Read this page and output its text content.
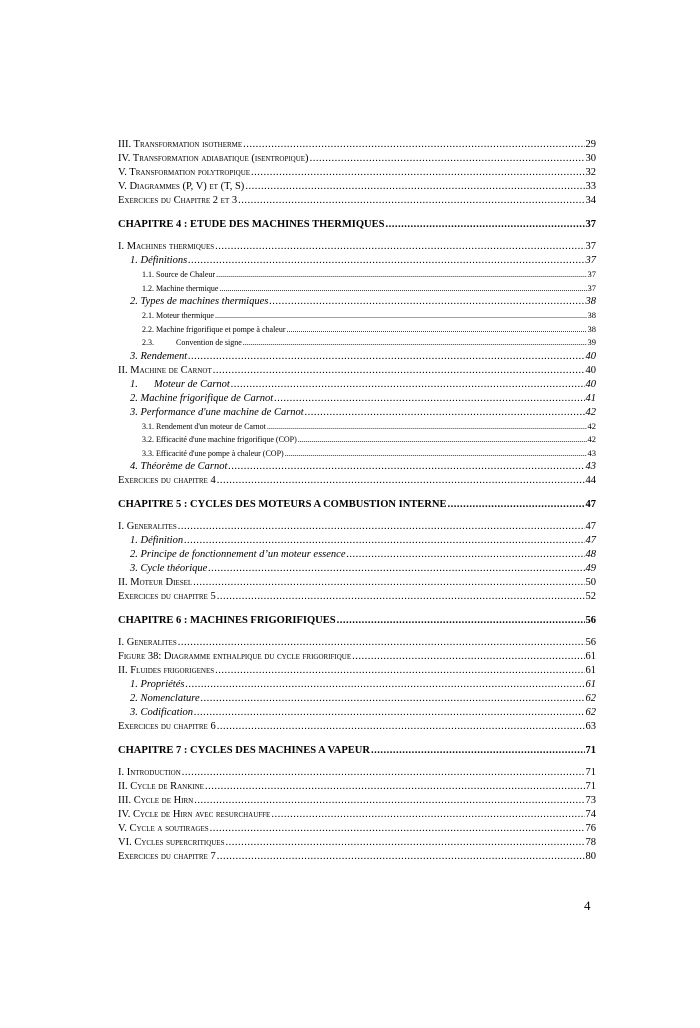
III. Transformation isotherme .....	29
IV. Transformation adiabatique (isentropique) .....	30
V. Transformation polytropique .....	32
V. Diagrammes (P, V) et (T, S) .....	33
Exercices du Chapitre 2 et 3 .....	34
CHAPITRE 4 : ETUDE DES MACHINES THERMIQUES .....	37
I. Machines thermiques .....	37
1. Définitions .....	37
1.1. Source de Chaleur .....	37
1.2. Machine thermique .....	37
2. Types de machines thermiques .....	38
2.1. Moteur thermique .....	38
2.2. Machine frigorifique et pompe à chaleur .....	38
2.3.	Convention de signe .....	39
3. Rendement .....	40
II. Machine de Carnot .....	40
1. Moteur de Carnot .....	40
2. Machine frigorifique de Carnot .....	41
3. Performance d'une machine de Carnot .....	42
3.1. Rendement d'un moteur de Carnot .....	42
3.2. Efficacité d'une machine frigorifique (COP) .....	42
3.3. Efficacité d'une pompe à chaleur (COP) .....	43
4. Théorème de Carnot .....	43
Exercices du chapitre 4 .....	44
CHAPITRE 5 : CYCLES DES MOTEURS A COMBUSTION INTERNE .....	47
I. Generalites .....	47
1. Définition .....	47
2. Principe de fonctionnement d’un moteur essence .....	48
3. Cycle théorique .....	49
II. Moteur Diesel .....	50
Exercices du chapitre 5 .....	52
CHAPITRE 6 : MACHINES FRIGORIFIQUES .....	56
I. Generalites .....	56
Figure 38: Diagramme enthalpique du cycle frigorifique .....	61
II. Fluides frigorigenes .....	61
1. Propriétés .....	61
2. Nomenclature .....	62
3. Codification .....	62
Exercices du chapitre 6 .....	63
CHAPITRE 7 : CYCLES DES MACHINES A VAPEUR .....	71
I. Introduction .....	71
II. Cycle de Rankine .....	71
III. Cycle de Hirn .....	73
IV. Cycle de Hirn avec resurchauffe .....	74
V. Cycle a soutirages .....	76
VI. Cycles supercritiques .....	78
Exercices du chapitre 7 .....	80
4
